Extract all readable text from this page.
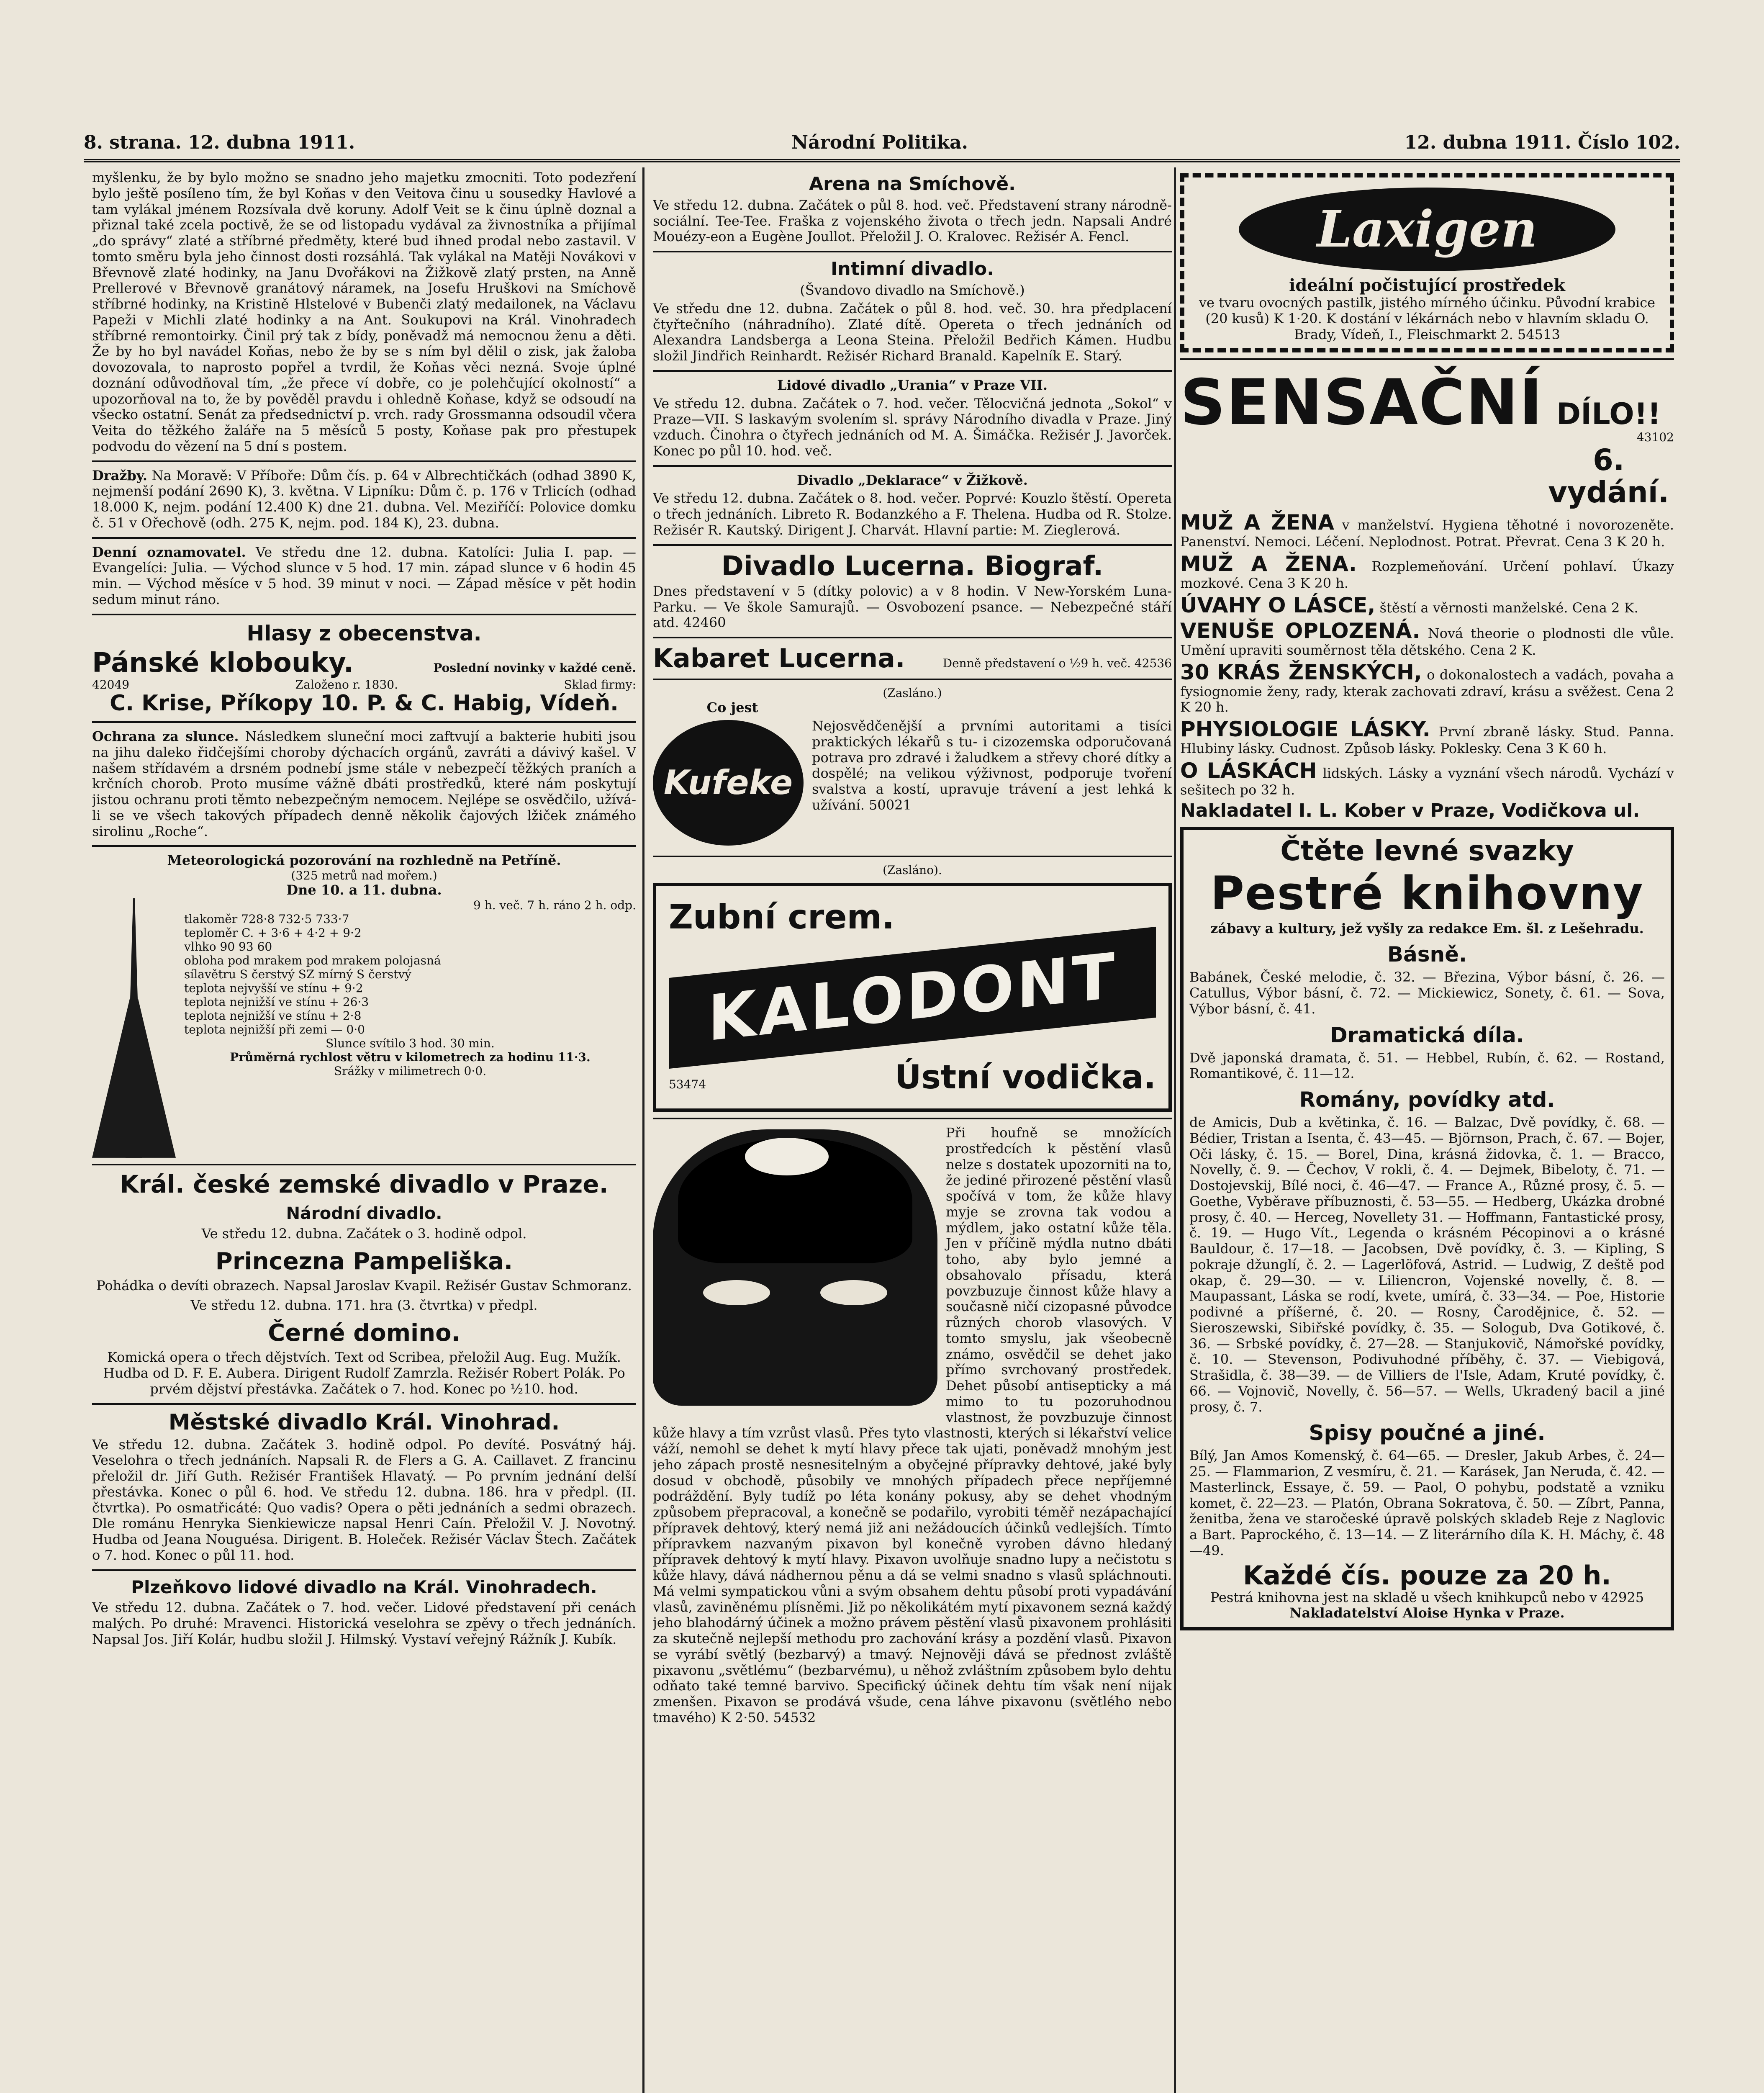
8. strana. 12. dubna 1911.	Národní Politika.	12. dubna 1911. Číslo 102.

myšlenku, že by bylo možno se snadno jeho majetku zmocniti. Toto podezření bylo ještě posíleno tím, že byl Koňas v den Veitova činu u sousedky Havlové a tam vylákal jménem Rozsívala dvě koruny. Adolf Veit se k činu úplně doznal a přiznal také zcela poctivě, že se od listopadu vydával za živnostníka a přijímal „do správy“ zlaté a stříbrné předměty, které bud ihned prodal nebo zastavil. V tomto směru byla jeho činnost dosti rozsáhlá. Tak vylákal na Matěji Novákovi v Břevnově zlaté hodinky, na Janu Dvořákovi na Žižkově zlatý prsten, na Anně Prellerové v Břevnově granátový náramek, na Josefu Hruškovi na Smíchově stříbrné hodinky, na Kristině Hlstelové v Bubenči zlatý medailonek, na Václavu Papeži v Michli zlaté hodinky a na Ant. Soukupovi na Král. Vinohradech stříbrné remontoirky. Činil prý tak z bídy, poněvadž má nemocnou ženu a děti. Že by ho byl navádel Koňas, nebo že by se s ním byl dělil o zisk, jak žaloba dovozovala, to naprosto popřel a tvrdil, že Koňas věci nezná. Svoje úplné doznání odůvodňoval tím, „že přece ví dobře, co je polehčující okolností“ a upozorňoval na to, že by pověděl pravdu i ohledně Koňase, když se odsoudí na všecko ostatní. Senát za předsednictví p. vrch. rady Grossmanna odsoudil včera Veita do těžkého žaláře na 5 měsíců 5 posty, Koňase pak pro přestupek podvodu do vězení na 5 dní s postem.

Dražby. Na Moravě: V Příboře: Dům čís. p. 64 v Albrechtičkách (odhad 3890 K, nejmenší podání 2690 K), 3. května. V Lipníku: Dům č. p. 176 v Trlicích (odhad 18.000 K, nejm. podání 12.400 K) dne 21. dubna. Vel. Meziříčí: Polovice domku č. 51 v Ořechově (odh. 275 K, nejm. pod. 184 K), 23. dubna.

Denní oznamovatel. Ve středu dne 12. dubna. Katolíci: Julia I. pap. — Evangelíci: Julia. — Východ slunce v 5 hod. 17 min. západ slunce v 6 hodin 45 min. — Východ měsíce v 5 hod. 39 minut v noci. — Západ měsíce v pět hodin sedum minut ráno.

Hlasy z obecenstva.
Pánské klobouky.	Poslední novinky v každé ceně.
42049	Založeno r. 1830.	Sklad firmy:
C. Krise, Příkopy 10. P. & C. Habig, Vídeň.

Ochrana za slunce. Následkem sluneční moci zaftvují a bakterie hubiti jsou na jihu daleko řidčejšími choroby dýchacích orgánů, zavráti a dávivý kašel. V našem střídavém a drsném podnebí jsme stále v nebezpečí těžkých praních a krčních chorob. Proto musíme vážně dbáti prostředků, které nám poskytují jistou ochranu proti těmto nebezpečným nemocem. Nejlépe se osvědčilo, užívá-li se ve všech takových případech denně několik čajových lžiček známého sirolinu „Roche“.

Meteorologická pozorování na rozhledně na Petříně.
(325 metrů nad mořem.)
Dne 10. a 11. dubna.
9 h. več. 7 h. ráno 2 h. odp.
tlakoměr 728·8 732·5 733·7
teploměr C. + 3·6 + 4·2 + 9·2
vlhko 90 93 60
oblohа pod mrakem pod mrakem polojasná
sílavětru S čerstvý SZ mírný S čerstvý
teplota nejvyšší ve stínu + 9·2
teplota nejnižší ve stínu + 26·3
teplota nejnižší ve stínu + 2·8
teplota nejnižší při zemi — 0·0
Slunce svítilo 3 hod. 30 min.
Průměrná rychlost větru v kilometrech za hodinu 11·3.
Srážky v milimetrech 0·0.
Král. české zemské divadlo v Praze.
Národní divadlo.
Ve středu 12. dubna. Začátek o 3. hodině odpol.
Princezna Pampeliška.
Pohádka o devíti obrazech. Napsal Jaroslav Kvapil. Režisér Gustav Schmoranz.
Ve středu 12. dubna. 171. hra (3. čtvrtka) v předpl.
Černé domino.
Komická opera o třech dějstvích. Text od Scribea, přeložil Aug. Eug. Mužík. Hudba od D. F. E. Aubera. Dirigent Rudolf Zamrzla. Režisér Robert Polák. Po prvém dějství přestávka. Začátek o 7. hod. Konec po ½10. hod.
Městské divadlo Král. Vinohrad.

Ve středu 12. dubna. Začátek 3. hodině odpol. Po devíté. Posvátný háj. Veselohra o třech jednáních. Napsali R. de Flers a G. A. Caillavet. Z francinu přeložil dr. Jiří Guth. Režisér František Hlavatý. — Po prvním jednání delší přestávka. Konec o půl 6. hod. Ve středu 12. dubna. 186. hra v předpl. (II. čtvrtka). Po osmatřicáté: Quo vadis? Opera o pěti jednáních a sedmi obrazech. Dle románu Henryka Sienkiewicze napsal Henri Caín. Přeložil V. J. Novotný. Hudba od Jeana Nouguésa. Dirigent. B. Holeček. Režisér Václav Štech. Začátek o 7. hod. Konec o půl 11. hod.

Plzeňkovo lidové divadlo na Král. Vinohradech.

Ve středu 12. dubna. Začátek o 7. hod. večer. Lidové představení při cenách malých. Po druhé: Mravenci. Historická veselohra se zpěvy o třech jednáních. Napsal Jos. Jiří Kolár, hudbu složil J. Hilmský. Vystaví veřejný Rážník J. Kubík.

Arena na Smíchově.

Ve středu 12. dubna. Začátek o půl 8. hod. več. Představení strany národně-sociální. Tee-Tee. Fraška z vojenského života o třech jedn. Napsali André Mouézy-eon a Eugène Joullot. Přeložil J. O. Kralovec. Režisér A. Fencl.

Intimní divadlo.
(Švandovo divadlo na Smíchově.)

Ve středu dne 12. dubna. Začátek o půl 8. hod. več. 30. hra předplacení čtyřtečního (náhradního). Zlaté dítě. Opereta o třech jednáních od Alexandra Landsberga a Leona Steina. Přeložil Bedřich Kámen. Hudbu složil Jindřich Reinhardt. Režisér Richard Branald. Kapelník E. Starý.

Lidové divadlo „Urania“ v Praze VII.

Ve středu 12. dubna. Začátek o 7. hod. večer. Tělocvičná jednota „Sokol“ v Praze—VII. S laskavým svolením sl. správy Národního divadla v Praze. Jiný vzduch. Činohra o čtyřech jednáních od M. A. Šimáčka. Režisér J. Javorček. Konec po půl 10. hod. več.

Divadlo „Deklarace“ v Žižkově.

Ve středu 12. dubna. Začátek o 8. hod. večer. Poprvé: Kouzlo štěstí. Opereta o třech jednáních. Libreto R. Bodanzkého a F. Thelena. Hudba od R. Stolze. Režisér R. Kautský. Dirigent J. Charvát. Hlavní partie: M. Zieglerová.

Divadlo Lucerna. Biograf.

Dnes představení v 5 (dítky polovic) a v 8 hodin. V New-Yorském Luna-Parku. — Ve škole Samurajů. — Osvobození psance. — Nebezpečné stáří atd. 42460

Kabaret Lucerna.	Denně představení o ½9 h. več. 42536
(Zasláno.)
Co jest
Kufeke

Nejosvědčenější a prvními autoritami a tisíci praktických lékařů s tu- i cizozemska odporučovaná potrava pro zdravé i žaludkem a střevy choré dítky a dospělé; na velikou výživnost, podporuje tvoření svalstva a kostí, upravuje trávení a jest lehká k užívání. 50021

(Zasláno).
Zubní crem.
KALODONT
53474	Ústní vodička.

Při houfně se množících prostředcích k pěstění vlasů nelze s dostatek upozorniti na to, že jediné přirozené pěstění vlasů spočívá v tom, že kůže hlavy myje se zrovna tak vodou a mýdlem, jako ostatní kůže těla. Jen v příčině mýdla nutno dbáti toho, aby bylo jemné a obsahovalo přísadu, která povzbuzuje činnost kůže hlavy a současně ničí cizopasné původce různých chorob vlasových. V tomto smyslu, jak všeobecně známo, osvědčil se dehet jako přímo svrchovaný prostředek. Dehet působí antisepticky a má mimo to tu pozoruhodnou vlastnost, že povzbuzuje činnost kůže hlavy a tím vzrůst vlasů. Přes tyto vlastnosti, kterých si lékařství velice váží, nemohl se dehet k mytí hlavy přece tak ujati, poněvadž mnohým jest jeho zápach prostě nesnesitelným a obyčejné přípravky dehtové, jaké byly dosud v obchodě, působily ve mnohých případech přece nepříjemné podráždění. Byly tudíž po léta konány pokusy, aby se dehet vhodným způsobem přepracoval, a konečně se podařilo, vyrobiti téměř nezápachající přípravek dehtový, který nemá již ani nežádoucích účinků vedlejších. Tímto přípravkem nazvaným pixavon byl konečně vyroben dávno hledaný přípravek dehtový k mytí hlavy. Pixavon uvolňuje snadno lupy a nečistotu s kůže hlavy, dává nádhernou pěnu a dá se velmi snadno s vlasů spláchnouti. Má velmi sympatickou vůni a svým obsahem dehtu působí proti vypadávání vlasů, zaviněnému plísněmi. Již po několikátém mytí pixavonem sezná každý jeho blahodárný účinek a možno právem pěstění vlasů pixavonem prohlásiti za skutečně nejlepší methodu pro zachování krásy a pozdění vlasů. Pixavon se vyrábí světlý (bezbarvý) a tmavý. Nejnověji dává se přednost zvláště pixavonu „světlému“ (bezbarvému), u něhož zvláštním způsobem bylo dehtu odňato také temné barvivo. Specifický účinek dehtu tím však není nijak zmenšen. Pixavon se prodává všude, cena láhve pixavonu (světlého nebo tmavého) K 2·50. 54532

Laxigen
ideální počistující prostředek
ve tvaru ovocných pastilk, jistého mírného účinku. Původní krabice (20 kusů) K 1·20. K dostání v lékárnách nebo v hlavním skladu O. Brady, Vídeň, I., Fleischmarkt 2. 54513
SENSAČNÍ DÍLO!!
43102
6. vydání.

MUŽ A ŽENA v manželství. Hygiena těhotné i novorozeněte. Panenství. Nemoci. Léčení. Neplodnost. Potrat. Převrat. Cena 3 K 20 h.

MUŽ A ŽENA. Rozplemeňování. Určení pohlaví. Úkazy mozkové. Cena 3 K 20 h.

ÚVAHY O LÁSCE, štěstí a věrnosti manželské. Cena 2 K.

VENUŠE OPLOZENÁ. Nová theorie o plodnosti dle vůle. Umění upraviti souměrnost těla dětského. Cena 2 K.

30 KRÁS ŽENSKÝCH, o dokonalostech a vadách, povaha a fysiognomie ženy, rady, kterak zachovati zdraví, krásu a svěžest. Cena 2 K 20 h.

PHYSIOLOGIE LÁSKY. První zbraně lásky. Stud. Panna. Hlubiny lásky. Cudnost. Způsob lásky. Poklesky. Cena 3 K 60 h.

O LÁSKÁCH lidských. Lásky a vyznání všech národů. Vychází v sešitech po 32 h.

Nakladatel I. L. Kober v Praze, Vodičkova ul.
Čtěte levné svazky
Pestré knihovny
zábavy a kultury, jež vyšly za redakce Em. šl. z Lešehradu.
Básně.

Babánek, České melodie, č. 32. — Březina, Výbor básní, č. 26. — Catullus, Výbor básní, č. 72. — Mickiewicz, Sonety, č. 61. — Sova, Výbor básní, č. 41.

Dramatická díla.

Dvě japonská dramata, č. 51. — Hebbel, Rubín, č. 62. — Rostand, Romantikové, č. 11—12.

Romány, povídky atd.

de Amicis, Dub a květinka, č. 16. — Balzac, Dvě povídky, č. 68. — Bédier, Tristan a Isenta, č. 43—45. — Björnson, Prach, č. 67. — Bojer, Oči lásky, č. 15. — Borel, Dina, krásná židovka, č. 1. — Bracco, Novelly, č. 9. — Čechov, V rokli, č. 4. — Dejmek, Bibeloty, č. 71. — Dostojevskij, Bílé noci, č. 46—47. — France A., Různé prosy, č. 5. — Goethe, Vyběrave příbuznosti, č. 53—55. — Hedberg, Ukázka drobné prosy, č. 40. — Herceg, Novellety 31. — Hoffmann, Fantastické prosy, č. 19. — Hugo Vít., Legenda o krásném Pécopinovi a o krásné Bauldour, č. 17—18. — Jacobsen, Dvě povídky, č. 3. — Kipling, S pokraje džunglí, č. 2. — Lagerlöfová, Astrid. — Ludwig, Z deště pod okap, č. 29—30. — v. Liliencron, Vojenské novelly, č. 8. — Maupassant, Láska se rodí, kvete, umírá, č. 33—34. — Poe, Historie podivné a příšerné, č. 20. — Rosny, Čarodějnice, č. 52. — Sieroszewski, Sibiřské povídky, č. 35. — Sologub, Dva Gotikové, č. 36. — Srbské povídky, č. 27—28. — Stanjukovič, Námořské povídky, č. 10. — Stevenson, Podivuhodné příběhy, č. 37. — Viebigová, Strašidla, č. 38—39. — de Villiers de l'Isle, Adam, Kruté povídky, č. 66. — Vojnovič, Novelly, č. 56—57. — Wells, Ukradený bacil a jiné prosy, č. 7.

Spisy poučné a jiné.

Bílý, Jan Amos Komenský, č. 64—65. — Dresler, Jakub Arbes, č. 24—25. — Flammarion, Z vesmíru, č. 21. — Karásek, Jan Neruda, č. 42. — Masterlinck, Essaye, č. 59. — Paol, O pohybu, podstatě a vzniku komet, č. 22—23. — Platón, Obrana Sokratova, č. 50. — Zíbrt, Panna, ženitba, žena ve staročeské úpravě polských skladeb Reje z Naglovic a Bart. Paprockého, č. 13—14. — Z literárního díla K. H. Máchy, č. 48—49.

Každé čís. pouze za 20 h.
Pestrá knihovna jest na skladě u všech knihkupců nebo v 42925
Nakladatelství Aloise Hynka v Praze.
